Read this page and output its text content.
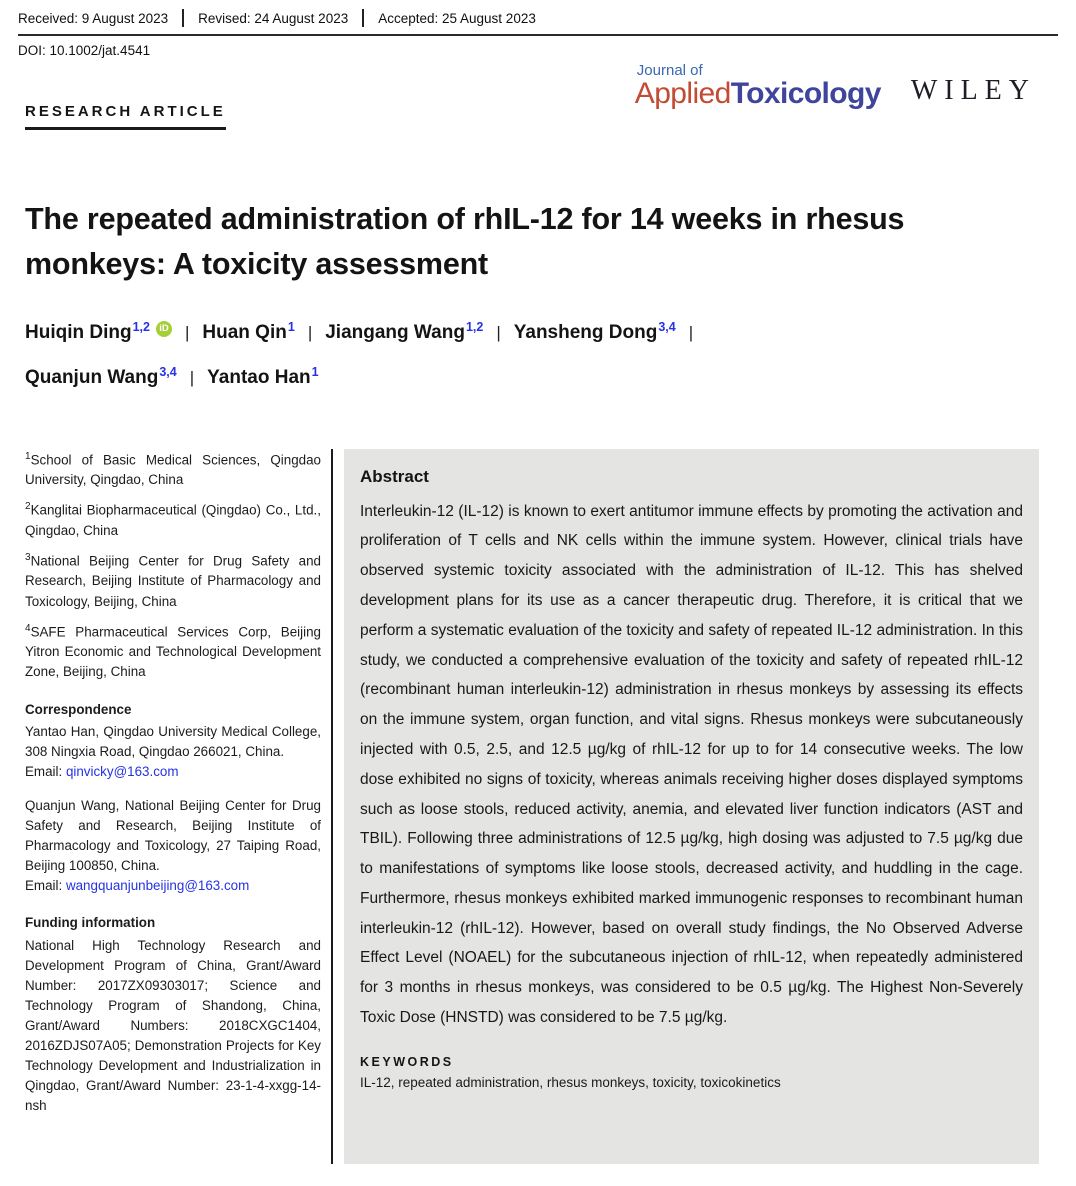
Received: 9 August 2023 Revised: 24 August 2023 Accepted: 25 August 2023
DOI: 10.1002/jat.4541
RESEARCH ARTICLE
Journal of
AppliedToxicology WILEY
The repeated administration of rhIL-12 for 14 weeks in rhesus monkeys: A toxicity assessment
Huiqin Ding$^{1,2}$ iD | Huan Qin$^1$ | Jiangang Wang$^{1,2}$ | Yansheng Dong$^{3,4}$ |
Quanjun Wang$^{3,4}$ | Yantao Han$^1$

$^1$School of Basic Medical Sciences, Qingdao University, Qingdao, China

$^2$Kanglitai Biopharmaceutical (Qingdao) Co., Ltd., Qingdao, China

$^3$National Beijing Center for Drug Safety and Research, Beijing Institute of Pharmacology and Toxicology, Beijing, China

$^4$SAFE Pharmaceutical Services Corp, Beijing Yitron Economic and Technological Development Zone, Beijing, China

Correspondence

Yantao Han, Qingdao University Medical College, 308 Ningxia Road, Qingdao 266021, China.
Email: qinvicky@163.com

Quanjun Wang, National Beijing Center for Drug Safety and Research, Beijing Institute of Pharmacology and Toxicology, 27 Taiping Road, Beijing 100850, China.
Email: wangquanjunbeijing@163.com

Funding information

National High Technology Research and Development Program of China, Grant/Award Number: 2017ZX09303017; Science and Technology Program of Shandong, China, Grant/Award Numbers: 2018CXGC1404, 2016ZDJS07A05; Demonstration Projects for Key Technology Development and Industrialization in Qingdao, Grant/Award Number: 23-1-4-xxgg-14-nsh

Abstract

Interleukin-12 (IL-12) is known to exert antitumor immune effects by promoting the activation and proliferation of T cells and NK cells within the immune system. However, clinical trials have observed systemic toxicity associated with the administration of IL-12. This has shelved development plans for its use as a cancer therapeutic drug. Therefore, it is critical that we perform a systematic evaluation of the toxicity and safety of repeated IL-12 administration. In this study, we conducted a comprehensive evaluation of the toxicity and safety of repeated rhIL-12 (recombinant human interleukin-12) administration in rhesus monkeys by assessing its effects on the immune system, organ function, and vital signs. Rhesus monkeys were subcutaneously injected with 0.5, 2.5, and 12.5 µg/kg of rhIL-12 for up to for 14 consecutive weeks. The low dose exhibited no signs of toxicity, whereas animals receiving higher doses displayed symptoms such as loose stools, reduced activity, anemia, and elevated liver function indicators (AST and TBIL). Following three administrations of 12.5 µg/kg, high dosing was adjusted to 7.5 µg/kg due to manifestations of symptoms like loose stools, decreased activity, and huddling in the cage. Furthermore, rhesus monkeys exhibited marked immunogenic responses to recombinant human interleukin-12 (rhIL-12). However, based on overall study findings, the No Observed Adverse Effect Level (NOAEL) for the subcutaneous injection of rhIL-12, when repeatedly administered for 3 months in rhesus monkeys, was considered to be 0.5 µg/kg. The Highest Non-Severely Toxic Dose (HNSTD) was considered to be 7.5 µg/kg.

KEYWORDS

IL-12, repeated administration, rhesus monkeys, toxicity, toxicokinetics
